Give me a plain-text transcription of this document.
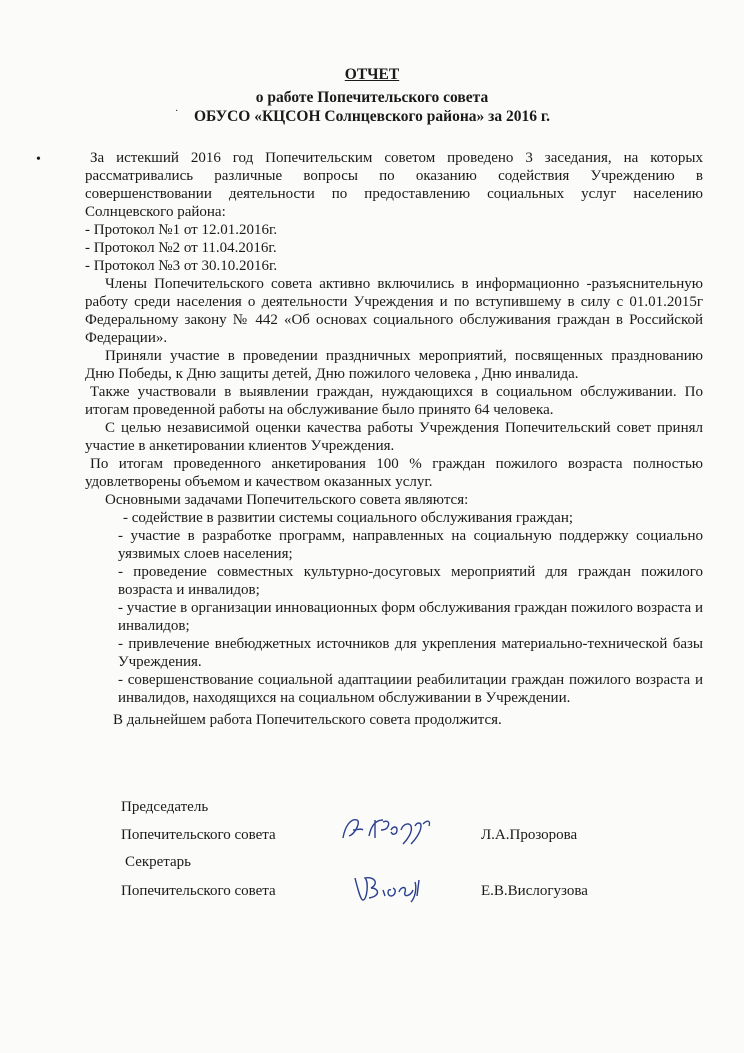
ОТЧЕТ
о работе Попечительского совета
· ОБУСО «КЦСОН Солнцевского района» за 2016 г.
•	За истекший 2016 год Попечительским советом проведено 3 заседания, на которых рассматривались различные вопросы по оказанию содействия Учреждению в совершенствовании деятельности по предоставлению социальных услуг населению Солнцевского района:

- Протокол №1 от 12.01.2016г.

- Протокол №2 от 11.04.2016г.

- Протокол №3 от 30.10.2016г.

Члены Попечительского совета активно включились в информационно -разъяснительную работу среди населения о деятельности Учреждения и по вступившему в силу с 01.01.2015г Федеральному закону № 442 «Об основах социального обслуживания граждан в Российской Федерации».

Приняли участие в проведении праздничных мероприятий, посвященных празднованию Дню Победы, к Дню защиты детей, Дню пожилого человека , Дню инвалида.

Также участвовали в выявлении граждан, нуждающихся в социальном обслуживании. По итогам проведенной работы на обслуживание было принято 64 человека.

С целью независимой оценки качества работы Учреждения Попечительский совет принял участие в анкетировании клиентов Учреждения.

По итогам проведенного анкетирования 100 % граждан пожилого возраста полностью удовлетворены объемом и качеством оказанных услуг.

Основными задачами Попечительского совета являются:

- содействие в развитии системы социального обслуживания граждан;

- участие в разработке программ, направленных на социальную поддержку социально уязвимых слоев населения;

- проведение совместных культурно-досуговых мероприятий для граждан пожилого возраста и инвалидов;

- участие в организации инновационных форм обслуживания граждан пожилого возраста и инвалидов;

- привлечение внебюджетных источников для укрепления материально-технической базы Учреждения.

- совершенствование социальной адаптациии реабилитации граждан пожилого возраста и инвалидов, находящихся на социальном обслуживании в Учреждении.

В дальнейшем работа Попечительского совета продолжится.

Председатель
Попечительского совета	Л.А.Прозорова
Секретарь
Попечительского совета	Е.В.Вислогузова
